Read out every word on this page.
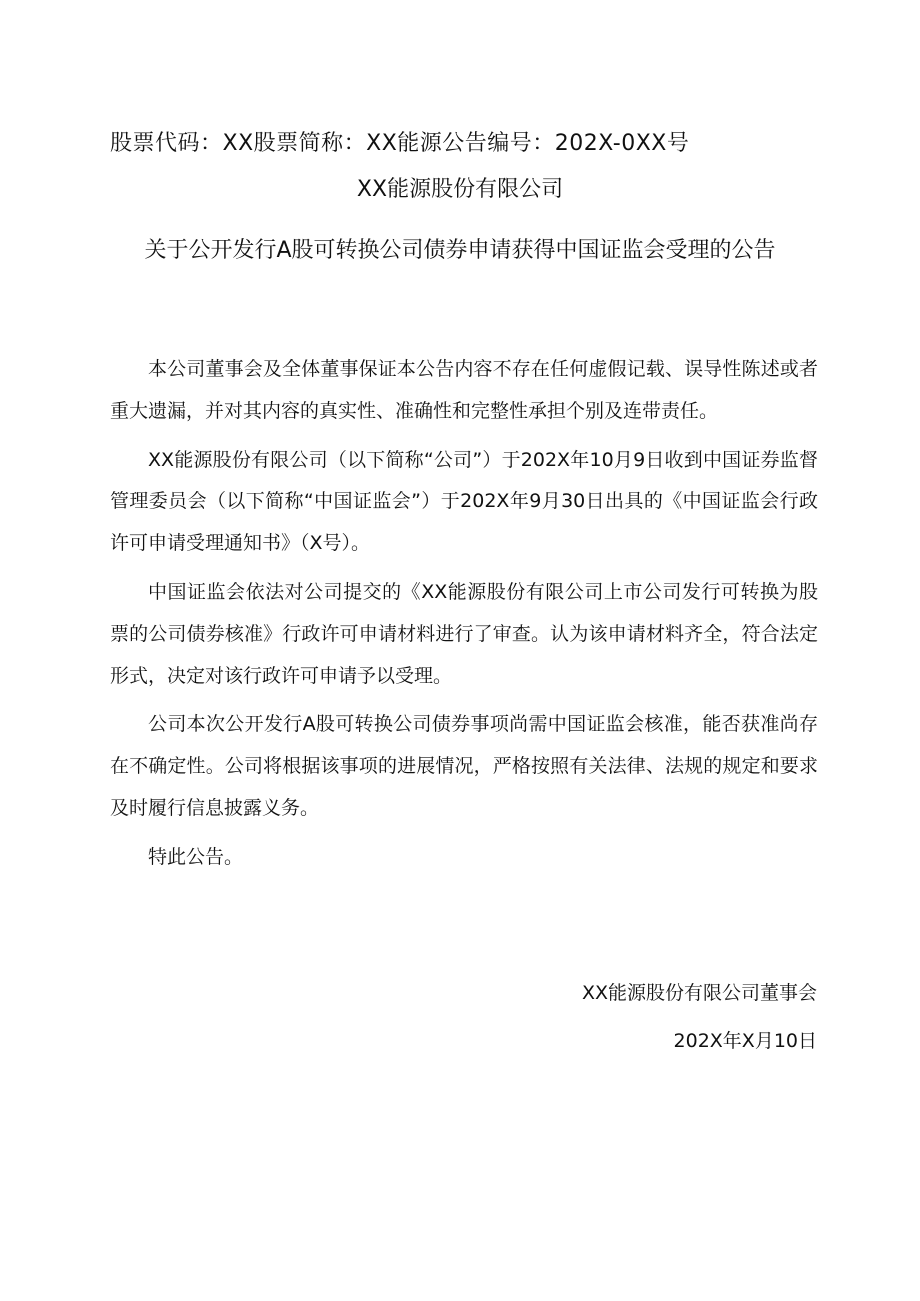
股票代码：XX股票简称：XX能源公告编号：202X-0XX号
XX能源股份有限公司
关于公开发行A股可转换公司债券申请获得中国证监会受理的公告

本公司董事会及全体董事保证本公告内容不存在任何虚假记载、误导性陈述或者重大遗漏，并对其内容的真实性、准确性和完整性承担个别及连带责任。

XX能源股份有限公司（以下简称“公司”）于202X年10月9日收到中国证券监督管理委员会（以下简称“中国证监会”）于202X年9月30日出具的《中国证监会行政许可申请受理通知书》（X号）。

中国证监会依法对公司提交的《XX能源股份有限公司上市公司发行可转换为股票的公司债券核准》行政许可申请材料进行了审查。认为该申请材料齐全，符合法定形式，决定对该行政许可申请予以受理。

公司本次公开发行A股可转换公司债券事项尚需中国证监会核准，能否获准尚存在不确定性。公司将根据该事项的进展情况，严格按照有关法律、法规的规定和要求及时履行信息披露义务。

特此公告。

XX能源股份有限公司董事会
202X年X月10日
